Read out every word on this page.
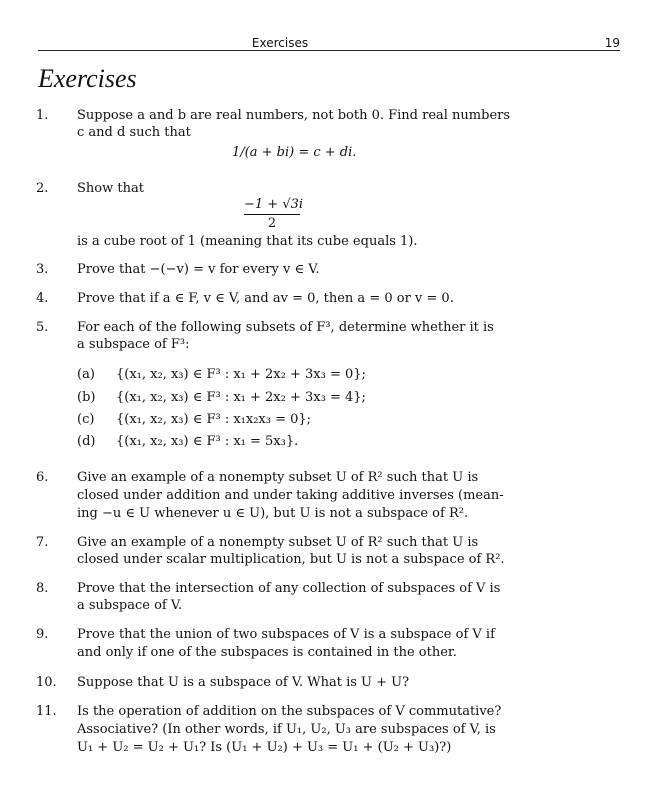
Exercises	19
Exercises
1. Suppose a and b are real numbers, not both 0. Find real numbers
c and d such that
1/(a + bi) = c + di.
2. Show that
−1 + √3i
2
is a cube root of 1 (meaning that its cube equals 1).
3. Prove that −(−v) = v for every v ∈ V.
4. Prove that if a ∈ F, v ∈ V, and av = 0, then a = 0 or v = 0.
5. For each of the following subsets of F³, determine whether it is
a subspace of F³:
(a) {(x₁, x₂, x₃) ∈ F³ : x₁ + 2x₂ + 3x₃ = 0};
(b) {(x₁, x₂, x₃) ∈ F³ : x₁ + 2x₂ + 3x₃ = 4};
(c) {(x₁, x₂, x₃) ∈ F³ : x₁x₂x₃ = 0};
(d) {(x₁, x₂, x₃) ∈ F³ : x₁ = 5x₃}.
6. Give an example of a nonempty subset U of R² such that U is
closed under addition and under taking additive inverses (mean-
ing −u ∈ U whenever u ∈ U), but U is not a subspace of R².
7. Give an example of a nonempty subset U of R² such that U is
closed under scalar multiplication, but U is not a subspace of R².
8. Prove that the intersection of any collection of subspaces of V is
a subspace of V.
9. Prove that the union of two subspaces of V is a subspace of V if
and only if one of the subspaces is contained in the other.
10. Suppose that U is a subspace of V. What is U + U?
11. Is the operation of addition on the subspaces of V commutative?
Associative? (In other words, if U₁, U₂, U₃ are subspaces of V, is
U₁ + U₂ = U₂ + U₁? Is (U₁ + U₂) + U₃ = U₁ + (U₂ + U₃)?)
